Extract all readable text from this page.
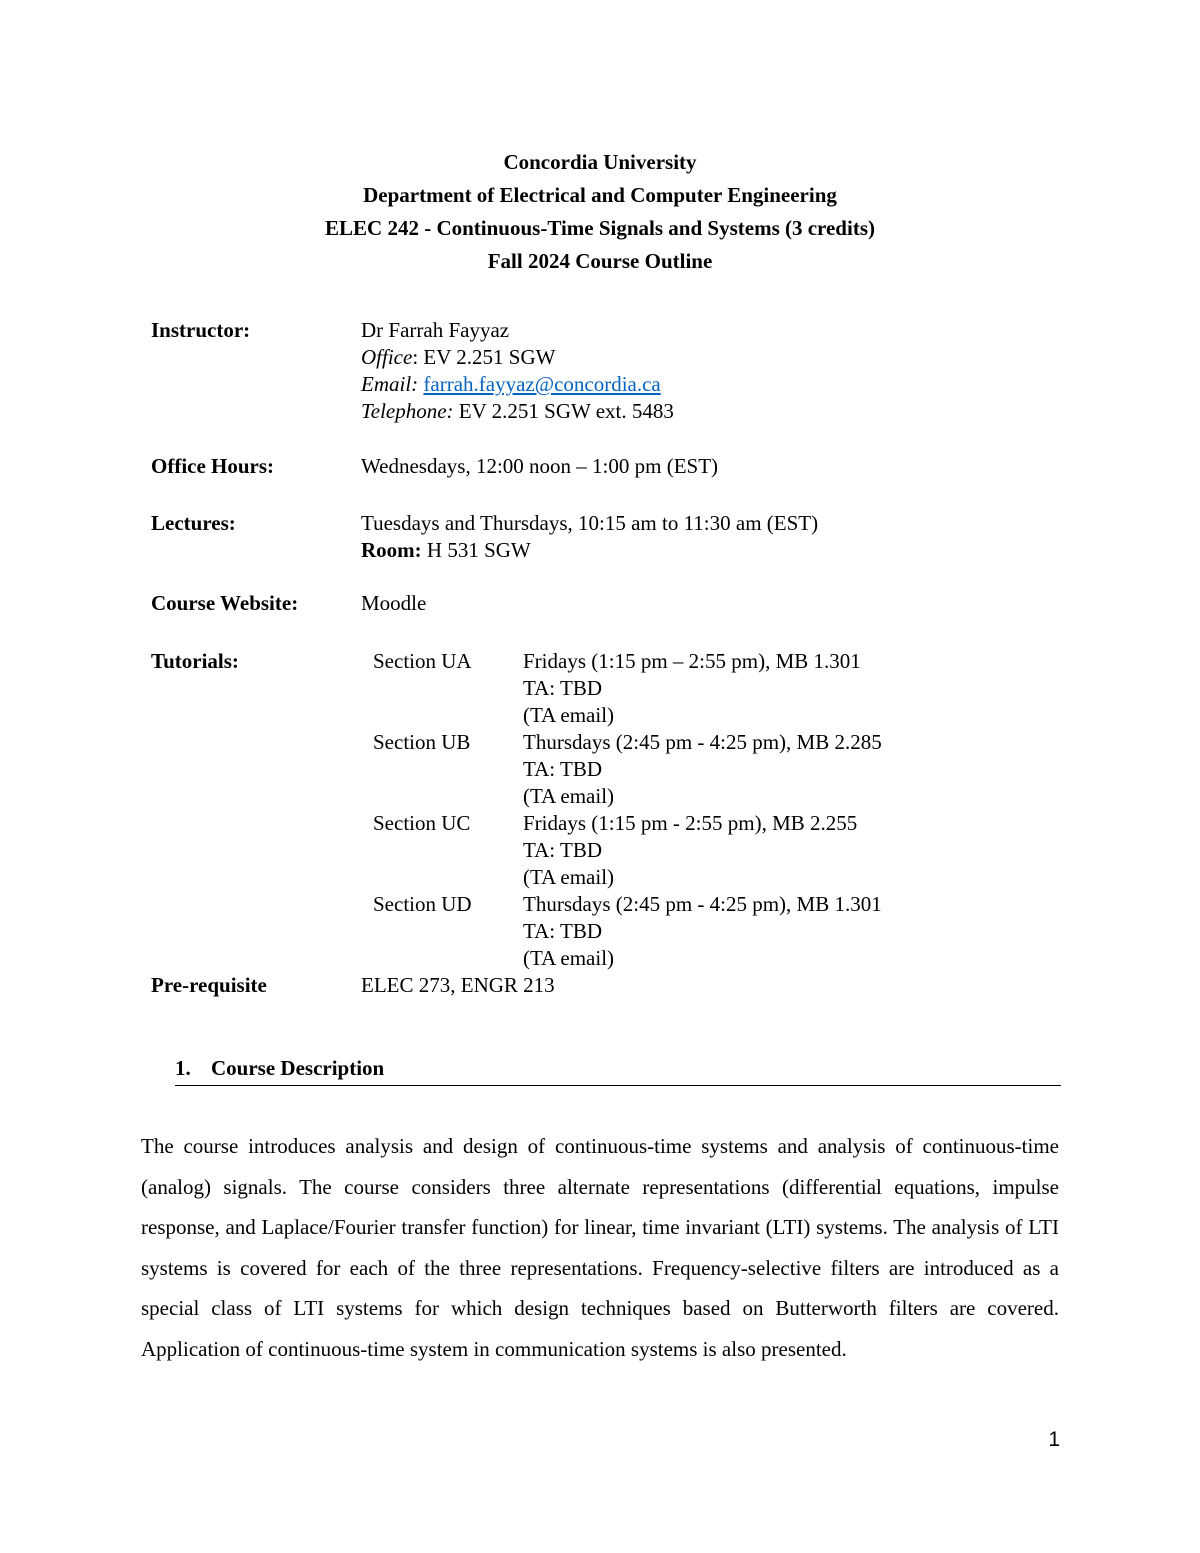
Concordia University
Department of Electrical and Computer Engineering
ELEC 242 - Continuous-Time Signals and Systems (3 credits)
Fall 2024 Course Outline
Instructor:	Dr Farrah Fayyaz
Office: EV 2.251 SGW
Email: farrah.fayyaz@concordia.ca
Telephone: EV 2.251 SGW ext. 5483
Office Hours:	Wednesdays, 12:00 noon – 1:00 pm (EST)
Lectures:	Tuesdays and Thursdays, 10:15 am to 11:30 am (EST)
Room: H 531 SGW
Course Website:	Moodle
Tutorials:	Section UA Fridays (1:15 pm – 2:55 pm), MB 1.301
TA: TBD
(TA email)
Section UB	Thursdays (2:45 pm - 4:25 pm), MB 2.285
TA: TBD
(TA email)
Section UC	Fridays (1:15 pm - 2:55 pm), MB 2.255
TA: TBD
(TA email)
Section UD Thursdays (2:45 pm - 4:25 pm), MB 1.301
TA: TBD
(TA email)
Pre-requisite	ELEC 273, ENGR 213
1. Course Description
The course introduces analysis and design of continuous-time systems and analysis of continuous-time (analog) signals. The course considers three alternate representations (differential equations, impulse response, and Laplace/Fourier transfer function) for linear, time invariant (LTI) systems. The analysis of LTI systems is covered for each of the three representations. Frequency-selective filters are introduced as a special class of LTI systems for which design techniques based on Butterworth filters are covered. Application of continuous-time system in communication systems is also presented.
1
